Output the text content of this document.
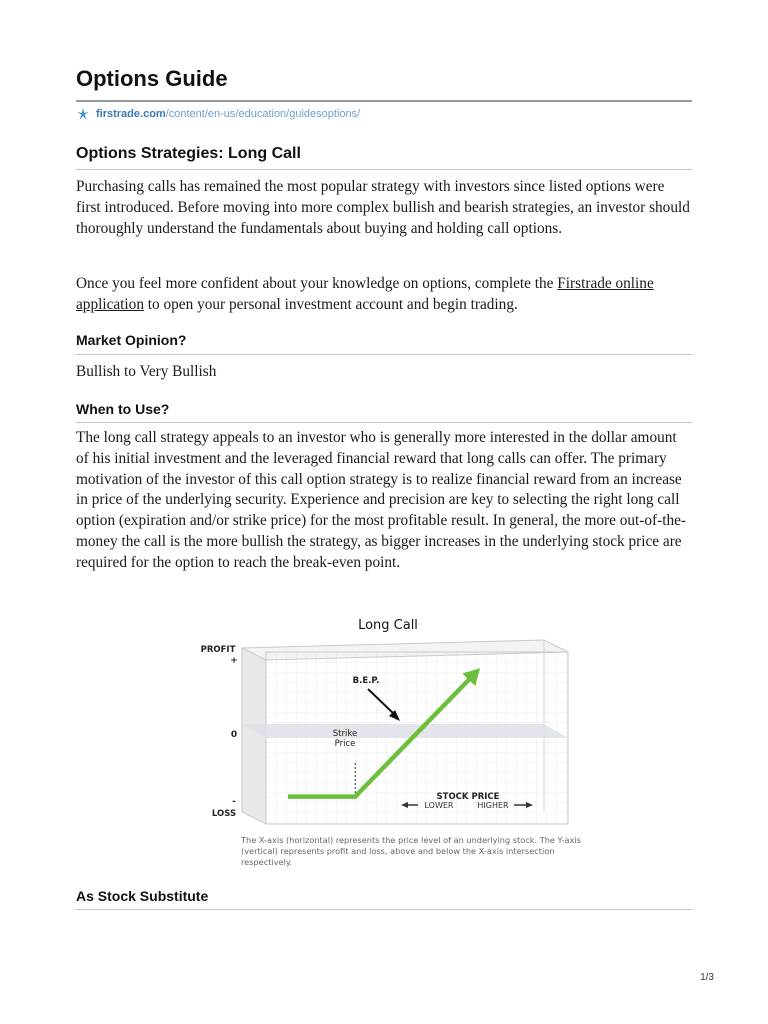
Options Guide
firstrade.com /content/en-us/education/guidesoptions/
Options Strategies: Long Call

Purchasing calls has remained the most popular strategy with investors since listed options were first introduced. Before moving into more complex bullish and bearish strategies, an investor should thoroughly understand the fundamentals about buying and holding call options.

Once you feel more confident about your knowledge on options, complete the Firstrade online application to open your personal investment account and begin trading.

Market Opinion?

Bullish to Very Bullish

When to Use?

The long call strategy appeals to an investor who is generally more interested in the dollar amount of his initial investment and the leveraged financial reward that long calls can offer. The primary motivation of the investor of this call option strategy is to realize financial reward from an increase in price of the underlying security. Experience and precision are key to selecting the right long call option (expiration and/or strike price) for the most profitable result. In general, the more out-of-the-money the call is the more bullish the strategy, as bigger increases in the underlying stock price are required for the option to reach the break-even point.

Long Call
PROFIT
+
0
-
LOSS
B.E.P.
Strike
Price
STOCK PRICE
LOWER	HIGHER

The X-axis (horizontal) represents the price level of an underlying stock. The Y-axis (vertical) represents profit and loss, above and below the X-axis intersection respectively.

As Stock Substitute
1/3
